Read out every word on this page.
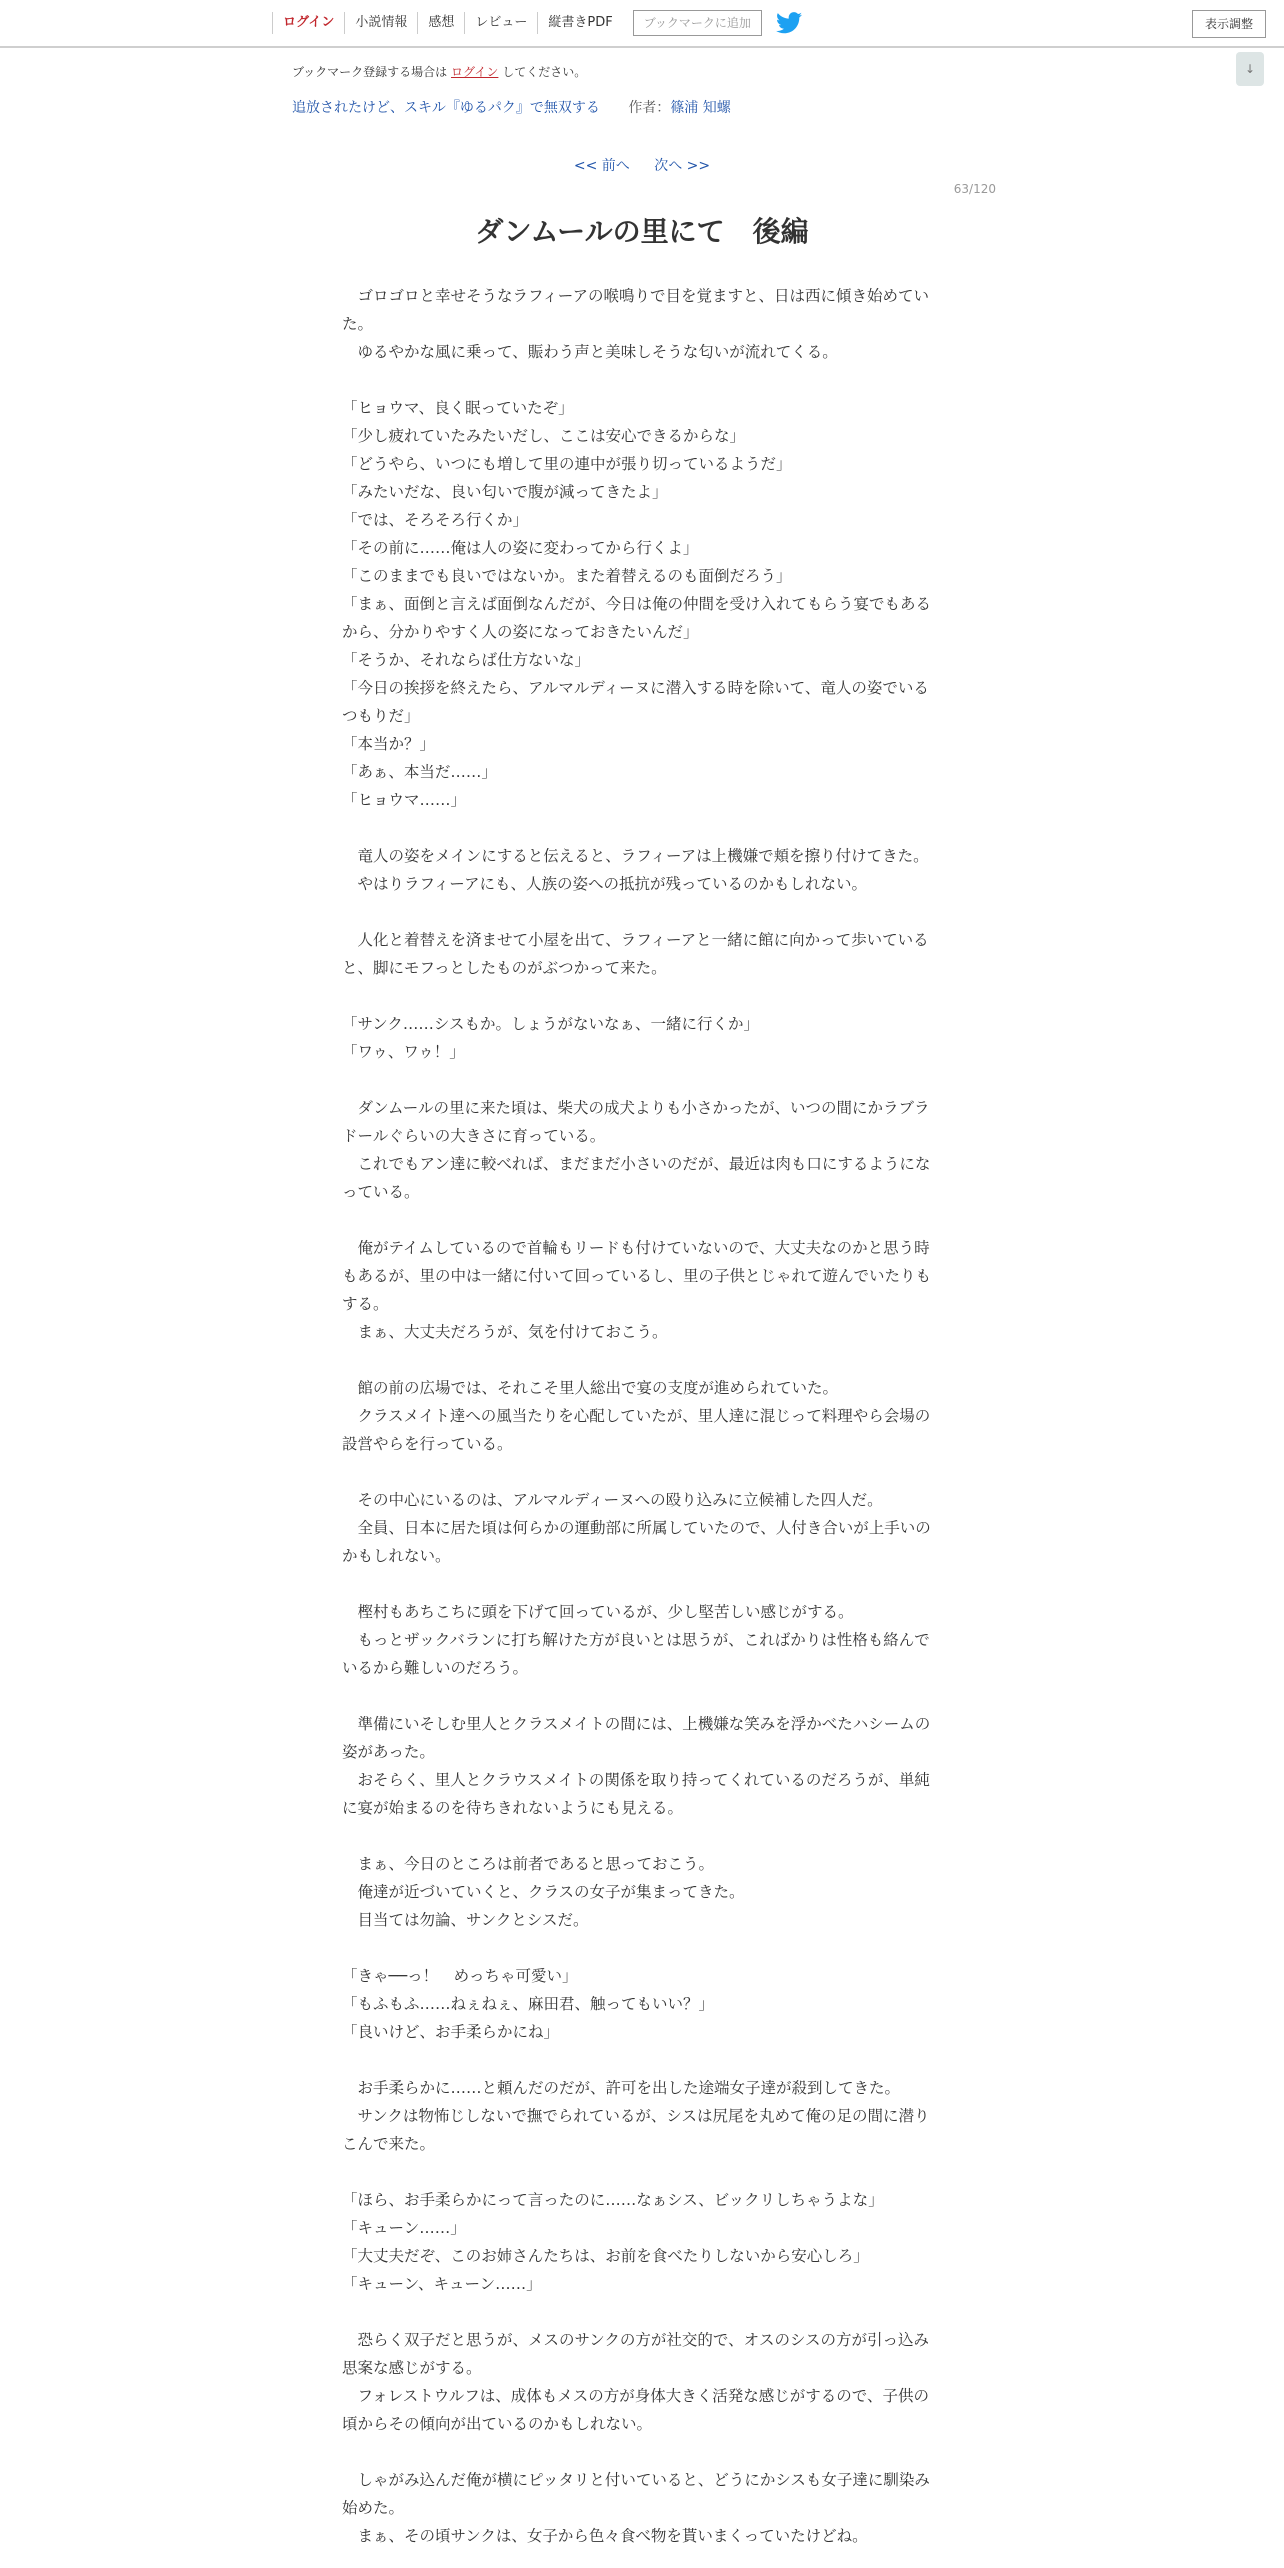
ログイン	小説情報	感想	レビュー	縦書きPDF	ブックマークに追加	表示調整
↓
ブックマーク登録する場合は ログイン してください。
追放されたけど、スキル『ゆるパク』で無双する 作者：篠浦 知螺
<< 前へ 次へ >>
63/120
ダンムールの里にて　後編

　ゴロゴロと幸せそうなラフィーアの喉鳴りで目を覚ますと、日は西に傾き始めていた。

　ゆるやかな風に乗って、賑わう声と美味しそうな匂いが流れてくる。

「ヒョウマ、良く眠っていたぞ」

「少し疲れていたみたいだし、ここは安心できるからな」

「どうやら、いつにも増して里の連中が張り切っているようだ」

「みたいだな、良い匂いで腹が減ってきたよ」

「では、そろそろ行くか」

「その前に……俺は人の姿に変わってから行くよ」

「このままでも良いではないか。また着替えるのも面倒だろう」

「まぁ、面倒と言えば面倒なんだが、今日は俺の仲間を受け入れてもらう宴でもあるから、分かりやすく人の姿になっておきたいんだ」

「そうか、それならば仕方ないな」

「今日の挨拶を終えたら、アルマルディーヌに潜入する時を除いて、竜人の姿でいるつもりだ」

「本当か？」

「あぁ、本当だ……」

「ヒョウマ……」

　竜人の姿をメインにすると伝えると、ラフィーアは上機嫌で頬を擦り付けてきた。

　やはりラフィーアにも、人族の姿への抵抗が残っているのかもしれない。

　人化と着替えを済ませて小屋を出て、ラフィーアと一緒に館に向かって歩いていると、脚にモフっとしたものがぶつかって来た。

「サンク……シスもか。しょうがないなぁ、一緒に行くか」

「ワゥ、ワゥ！」

　ダンムールの里に来た頃は、柴犬の成犬よりも小さかったが、いつの間にかラブラドールぐらいの大きさに育っている。

　これでもアン達に較べれば、まだまだ小さいのだが、最近は肉も口にするようになっている。

　俺がテイムしているので首輪もリードも付けていないので、大丈夫なのかと思う時もあるが、里の中は一緒に付いて回っているし、里の子供とじゃれて遊んでいたりもする。

　まぁ、大丈夫だろうが、気を付けておこう。

　館の前の広場では、それこそ里人総出で宴の支度が進められていた。

　クラスメイト達への風当たりを心配していたが、里人達に混じって料理やら会場の設営やらを行っている。

　その中心にいるのは、アルマルディーヌへの殴り込みに立候補した四人だ。

　全員、日本に居た頃は何らかの運動部に所属していたので、人付き合いが上手いのかもしれない。

　樫村もあちこちに頭を下げて回っているが、少し堅苦しい感じがする。

　もっとザックバランに打ち解けた方が良いとは思うが、こればかりは性格も絡んでいるから難しいのだろう。

　準備にいそしむ里人とクラスメイトの間には、上機嫌な笑みを浮かべたハシームの姿があった。

　おそらく、里人とクラウスメイトの関係を取り持ってくれているのだろうが、単純に宴が始まるのを待ちきれないようにも見える。

　まぁ、今日のところは前者であると思っておこう。

　俺達が近づいていくと、クラスの女子が集まってきた。

　目当ては勿論、サンクとシスだ。

「きゃ──っ！　めっちゃ可愛い」

「もふもふ……ねぇねぇ、麻田君、触ってもいい？」

「良いけど、お手柔らかにね」

　お手柔らかに……と頼んだのだが、許可を出した途端女子達が殺到してきた。

　サンクは物怖じしないで撫でられているが、シスは尻尾を丸めて俺の足の間に潜りこんで来た。

「ほら、お手柔らかにって言ったのに……なぁシス、ビックリしちゃうよな」

「キューン……」

「大丈夫だぞ、このお姉さんたちは、お前を食べたりしないから安心しろ」

「キューン、キューン……」

　恐らく双子だと思うが、メスのサンクの方が社交的で、オスのシスの方が引っ込み思案な感じがする。

　フォレストウルフは、成体もメスの方が身体大きく活発な感じがするので、子供の頃からその傾向が出ているのかもしれない。

　しゃがみ込んだ俺が横にピッタリと付いていると、どうにかシスも女子達に馴染み始めた。

　まぁ、その頃サンクは、女子から色々食べ物を貰いまくっていたけどね。
